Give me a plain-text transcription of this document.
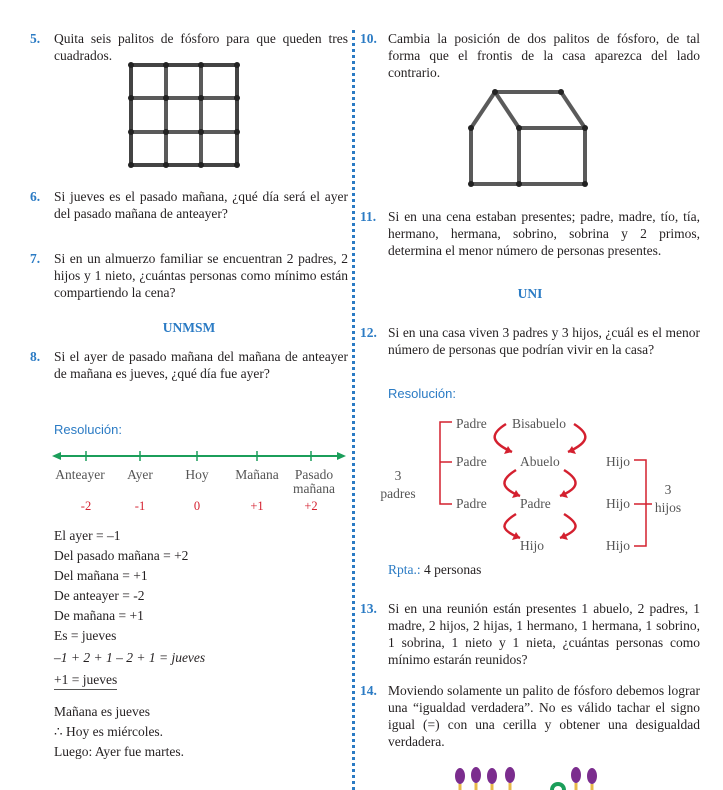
5.	Quita seis palitos de fósforo para que queden tres cuadrados.
6.	Si jueves es el pasado mañana, ¿qué día será el ayer del pasado mañana de anteayer?
7.	Si en un almuerzo familiar se encuentran 2 padres, 2 hijos y 1 nieto, ¿cuántas personas como mínimo están compartiendo la cena?
UNMSM
8.	Si el ayer de pasado mañana del mañana de anteayer de mañana es jueves, ¿qué día fue ayer?
Resolución:
Anteayer Ayer Hoy Mañana Pasado
mañana
-2	-1	0	+1	+2
El ayer = –1
Del pasado mañana = +2
Del mañana = +1
De anteayer = -2
De mañana = +1
Es = jueves
–1 + 2 + 1 – 2 + 1 = jueves
+1 = jueves
Mañana es jueves
∴ Hoy es miércoles.
Luego: Ayer fue martes.
10. Cambia la posición de dos palitos de fósforo, de tal forma que el frontis de la casa aparezca del lado contrario.
11. Si en una cena estaban presentes; padre, madre, tío, tía, hermano, hermana, sobrino, sobrina y 2 primos, determina el menor número de personas presentes.
UNI
12. Si en una casa viven 3 padres y 3 hijos, ¿cuál es el menor número de personas que podrían vivir en la casa?
Resolución:
3
padres
Padre
Padre
Padre
Bisabuelo
Abuelo
Padre
Hijo
Hijo
Hijo
Hijo
3
hijos
Rpta.: 4 personas
13. Si en una reunión están presentes 1 abuelo, 2 padres, 1 madre, 2 hijos, 2 hijas, 1 hermano, 1 hermana, 1 sobrino, 1 sobrina, 1 nieto y 1 nieta, ¿cuántas personas como mínimo estarán reunidos?
14. Moviendo solamente un palito de fósforo debemos lograr una “igualdad verdadera”. No es válido tachar el signo igual (=) con una cerilla y obtener una desigualdad verdadera.
